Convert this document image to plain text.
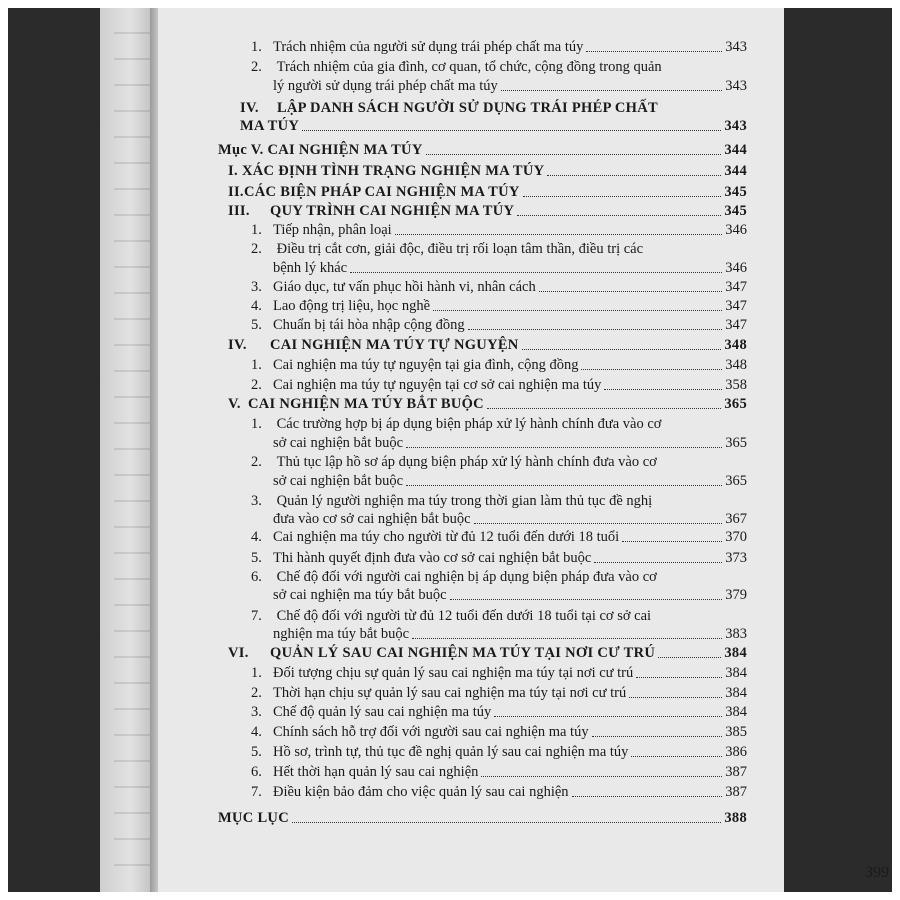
1. Trách nhiệm của người sử dụng trái phép chất ma túy	343
2. Trách nhiệm của gia đình, cơ quan, tổ chức, cộng đồng trong quản
lý người sử dụng trái phép chất ma túy	343
IV. LẬP DANH SÁCH NGƯỜI SỬ DỤNG TRÁI PHÉP CHẤT
MA TÚY	343
Mục V. CAI NGHIỆN MA TÚY	344
I. XÁC ĐỊNH TÌNH TRẠNG NGHIỆN MA TÚY	344
II. CÁC BIỆN PHÁP CAI NGHIỆN MA TÚY	345
III.	QUY TRÌNH CAI NGHIỆN MA TÚY	345
1. Tiếp nhận, phân loại	346
2. Điều trị cắt cơn, giải độc, điều trị rối loạn tâm thần, điều trị các
bệnh lý khác	346
3. Giáo dục, tư vấn phục hồi hành vi, nhân cách	347
4. Lao động trị liệu, học nghề	347
5. Chuẩn bị tái hòa nhập cộng đồng	347
IV.	CAI NGHIỆN MA TÚY TỰ NGUYỆN	348
1. Cai nghiện ma túy tự nguyện tại gia đình, cộng đồng	348
2. Cai nghiện ma túy tự nguyện tại cơ sở cai nghiện ma túy	358
V. CAI NGHIỆN MA TÚY BẮT BUỘC	365
1. Các trường hợp bị áp dụng biện pháp xử lý hành chính đưa vào cơ
sở cai nghiện bắt buộc	365
2. Thủ tục lập hồ sơ áp dụng biện pháp xử lý hành chính đưa vào cơ
sở cai nghiện bắt buộc	365
3. Quản lý người nghiện ma túy trong thời gian làm thủ tục đề nghị
đưa vào cơ sở cai nghiện bắt buộc	367
4. Cai nghiện ma túy cho người từ đủ 12 tuổi đến dưới 18 tuổi	370
5. Thi hành quyết định đưa vào cơ sở cai nghiện bắt buộc	373
6. Chế độ đối với người cai nghiện bị áp dụng biện pháp đưa vào cơ
sở cai nghiện ma túy bắt buộc	379
7. Chế độ đối với người từ đủ 12 tuổi đến dưới 18 tuổi tại cơ sở cai
nghiện ma túy bắt buộc	383
VI.	QUẢN LÝ SAU CAI NGHIỆN MA TÚY TẠI NƠI CƯ TRÚ	384
1. Đối tượng chịu sự quản lý sau cai nghiện ma túy tại nơi cư trú	384
2. Thời hạn chịu sự quản lý sau cai nghiện ma túy tại nơi cư trú	384
3. Chế độ quản lý sau cai nghiện ma túy	384
4. Chính sách hỗ trợ đối với người sau cai nghiện ma túy	385
5. Hồ sơ, trình tự, thủ tục đề nghị quản lý sau cai nghiện ma túy	386
6. Hết thời hạn quản lý sau cai nghiện	387
7. Điều kiện bảo đảm cho việc quản lý sau cai nghiện	387
MỤC LỤC	388
399
